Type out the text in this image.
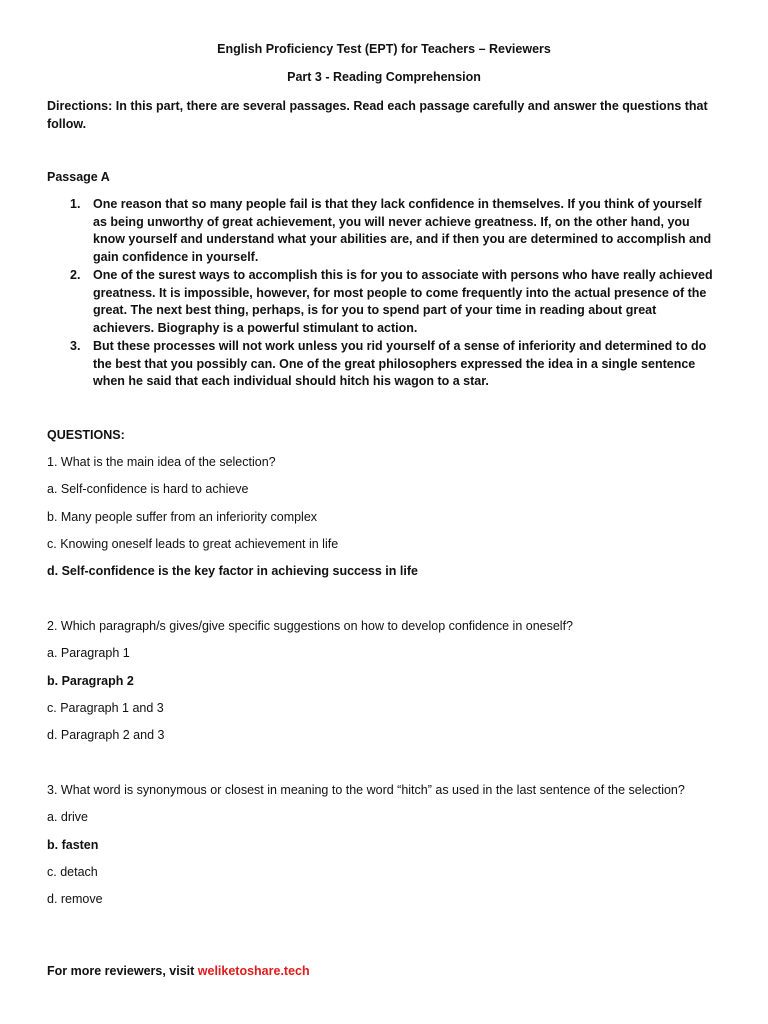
English Proficiency Test (EPT) for Teachers – Reviewers
Part 3 - Reading Comprehension
Directions: In this part, there are several passages. Read each passage carefully and answer the questions that follow.
Passage A
1.	One reason that so many people fail is that they lack confidence in themselves. If you think of yourself as being unworthy of great achievement, you will never achieve greatness. If, on the other hand, you know yourself and understand what your abilities are, and if then you are determined to accomplish and gain confidence in yourself.
2.	One of the surest ways to accomplish this is for you to associate with persons who have really achieved greatness. It is impossible, however, for most people to come frequently into the actual presence of the great. The next best thing, perhaps, is for you to spend part of your time in reading about great achievers. Biography is a powerful stimulant to action.
3.	But these processes will not work unless you rid yourself of a sense of inferiority and determined to do the best that you possibly can. One of the great philosophers expressed the idea in a single sentence when he said that each individual should hitch his wagon to a star.
QUESTIONS:
1. What is the main idea of the selection?
a. Self-confidence is hard to achieve
b. Many people suffer from an inferiority complex
c. Knowing oneself leads to great achievement in life
d. Self-confidence is the key factor in achieving success in life
2. Which paragraph/s gives/give specific suggestions on how to develop confidence in oneself?
a. Paragraph 1
b. Paragraph 2
c. Paragraph 1 and 3
d. Paragraph 2 and 3
3. What word is synonymous or closest in meaning to the word “hitch” as used in the last sentence of the selection?
a. drive
b. fasten
c. detach
d. remove
For more reviewers, visit weliketoshare.tech
